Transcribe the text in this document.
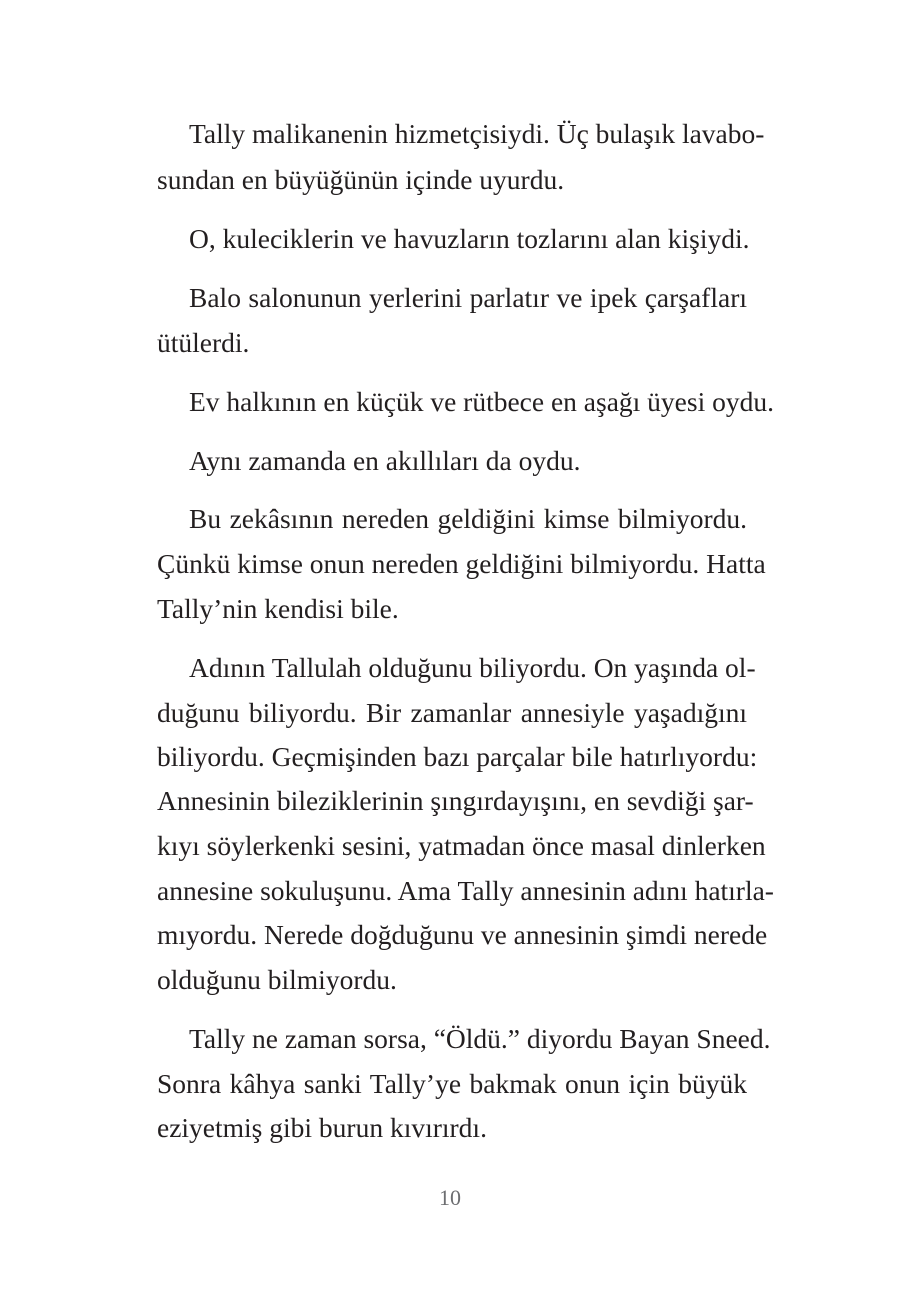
Tally malikanenin hizmetçisiydi. Üç bulaşık lavabo-

sundan en büyüğünün içinde uyurdu.

O, kuleciklerin ve havuzların tozlarını alan kişiydi.

Balo salonunun yerlerini parlatır ve ipek çarşafları

ütülerdi.

Ev halkının en küçük ve rütbece en aşağı üyesi oydu.

Aynı zamanda en akıllıları da oydu.

Bu zekâsının nereden geldiğini kimse bilmiyordu.

Çünkü kimse onun nereden geldiğini bilmiyordu. Hatta

Tally’nin kendisi bile.

Adının Tallulah olduğunu biliyordu. On yaşında ol-

duğunu biliyordu. Bir zamanlar annesiyle yaşadığını

biliyordu. Geçmişinden bazı parçalar bile hatırlıyordu:

Annesinin bileziklerinin şıngırdayışını, en sevdiği şar-

kıyı söylerkenki sesini, yatmadan önce masal dinlerken

annesine sokuluşunu. Ama Tally annesinin adını hatırla-

mıyordu. Nerede doğduğunu ve annesinin şimdi nerede

olduğunu bilmiyordu.

Tally ne zaman sorsa, “Öldü.” diyordu Bayan Sneed.

Sonra kâhya sanki Tally’ye bakmak onun için büyük

eziyetmiş gibi burun kıvırırdı.

10
